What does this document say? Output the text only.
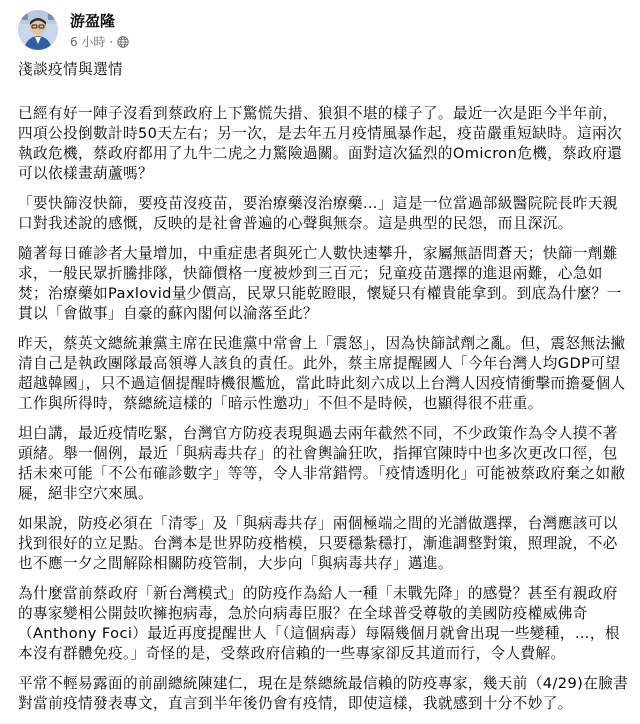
游盈隆
6 小時 ·

淺談疫情與選情

已經有好一陣子沒看到蔡政府上下驚慌失措、狼狽不堪的樣子了。最近一次是距今半年前，四項公投倒數計時50天左右；另一次，是去年五月疫情風暴作起，疫苗嚴重短缺時。這兩次執政危機，蔡政府都用了九牛二虎之力驚險過關。面對這次猛烈的Omicron危機，蔡政府還可以依樣畫葫蘆嗎？

「要快篩沒快篩，要疫苗沒疫苗，要治療藥沒治療藥…」這是一位當過部級醫院院長昨天親口對我述說的感慨，反映的是社會普遍的心聲與無奈。這是典型的民怨，而且深沉。

隨著每日確診者大量增加，中重症患者與死亡人數快速攀升，家屬無語問蒼天；快篩一劑難求，一般民眾折騰排隊，快篩價格一度被炒到三百元；兒童疫苗選擇的進退兩難，心急如焚；治療藥如Paxlovid量少價高，民眾只能乾瞪眼，懷疑只有權貴能拿到。到底為什麼？一貫以「會做事」自豪的蘇內閣何以淪落至此？

昨天，蔡英文總統兼黨主席在民進黨中常會上「震怒」，因為快篩試劑之亂。但，震怒無法撇清自己是執政團隊最高領導人該負的責任。此外，蔡主席提醒國人「今年台灣人均GDP可望超越韓國」，只不過這個提醒時機很尷尬，當此時此刻六成以上台灣人因疫情衝擊而擔憂個人工作與所得時，蔡總統這樣的「暗示性邀功」不但不是時候，也顯得很不莊重。

坦白講，最近疫情吃緊，台灣官方防疫表現與過去兩年截然不同，不少政策作為令人摸不著頭緒。舉一個例，最近「與病毒共存」的社會輿論狂吹，指揮官陳時中也多次更改口徑，包括未來可能「不公布確診數字」等等，令人非常錯愕。「疫情透明化」可能被蔡政府棄之如敝屣，絕非空穴來風。

如果說，防疫必須在「清零」及「與病毒共存」兩個極端之間的光譜做選擇，台灣應該可以找到很好的立足點。台灣本是世界防疫楷模，只要穩紮穩打，漸進調整對策，照理說，不必也不應一夕之間解除相關防疫管制，大步向「與病毒共存」邁進。

為什麼當前蔡政府「新台灣模式」的防疫作為給人一種「未戰先降」的感覺？甚至有親政府的專家變相公開鼓吹擁抱病毒，急於向病毒臣服？在全球普受尊敬的美國防疫權威佛奇（Anthony Foci）最近再度提醒世人「（這個病毒）每隔幾個月就會出現一些變種，…，根本沒有群體免疫。」奇怪的是，受蔡政府信賴的一些專家卻反其道而行，令人費解。

平常不輕易露面的前副總統陳建仁，現在是蔡總統最信賴的防疫專家，幾天前（4/29)在臉書對當前疫情發表專文，直言到半年後仍會有疫情，即使這樣，我就感到十分不妙了。
